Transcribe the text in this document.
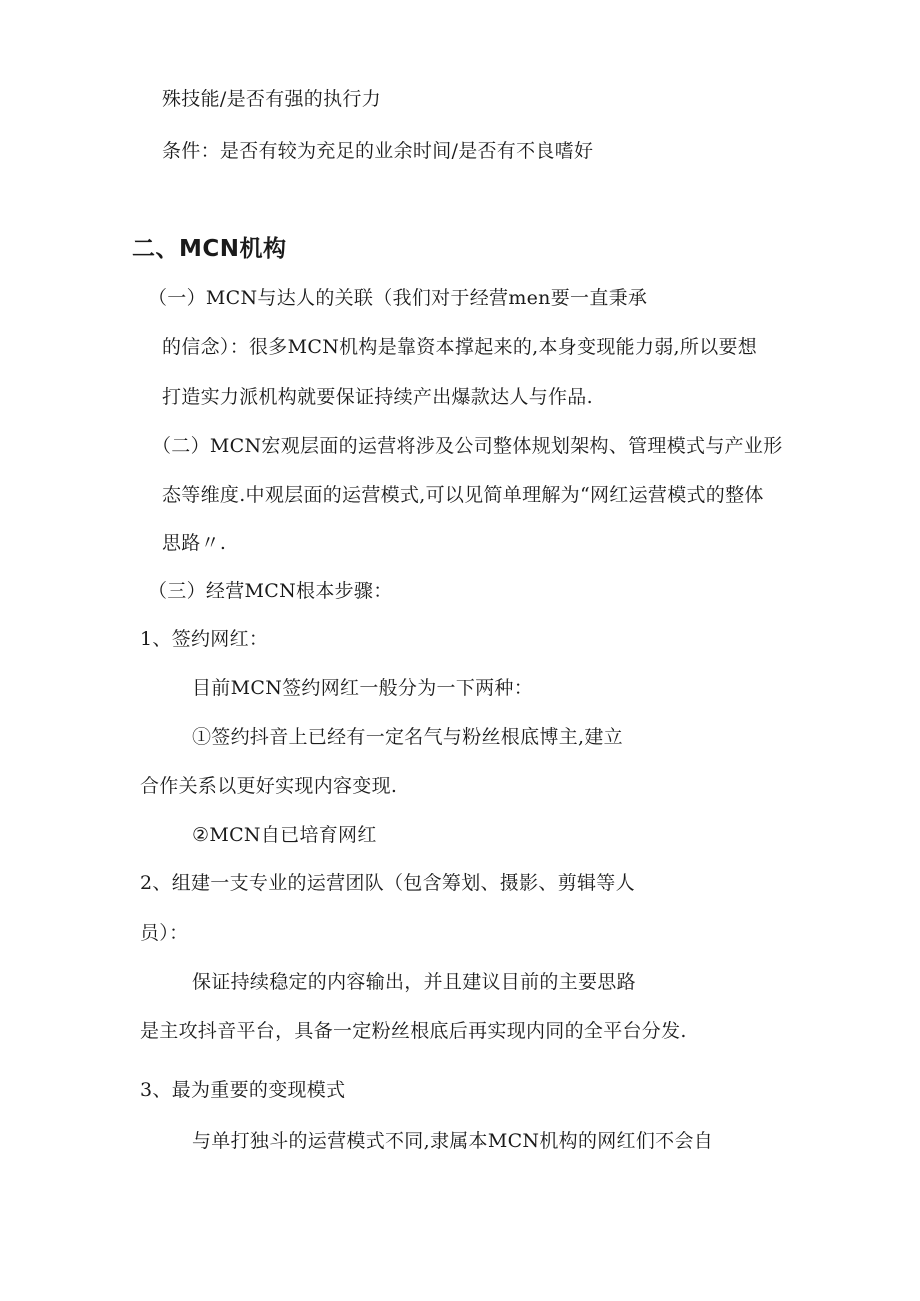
殊技能/是否有强的执行力
条件：是否有较为充足的业余时间/是否有不良嗜好
二、MCN机构
（一）MCN与达人的关联（我们对于经营men要一直秉承
的信念）：很多MCN机构是靠资本撑起来的,本身变现能力弱,所以要想
打造实力派机构就要保证持续产出爆款达人与作品.
（二）MCN宏观层面的运营将涉及公司整体规划架构、管理模式与产业形
态等维度.中观层面的运营模式,可以见简单理解为“网红运营模式的整体
思路〃.
（三）经营MCN根本步骤：
1、签约网红：
目前MCN签约网红一般分为一下两种：
①签约抖音上已经有一定名气与粉丝根底博主,建立
合作关系以更好实现内容变现.
②MCN自已培育网红
2、组建一支专业的运营团队（包含筹划、摄影、剪辑等人
员）：
保证持续稳定的内容输出，并且建议目前的主要思路
是主攻抖音平台，具备一定粉丝根底后再实现内同的全平台分发.
3、最为重要的变现模式
与单打独斗的运营模式不同,隶属本MCN机构的网红们不会自
